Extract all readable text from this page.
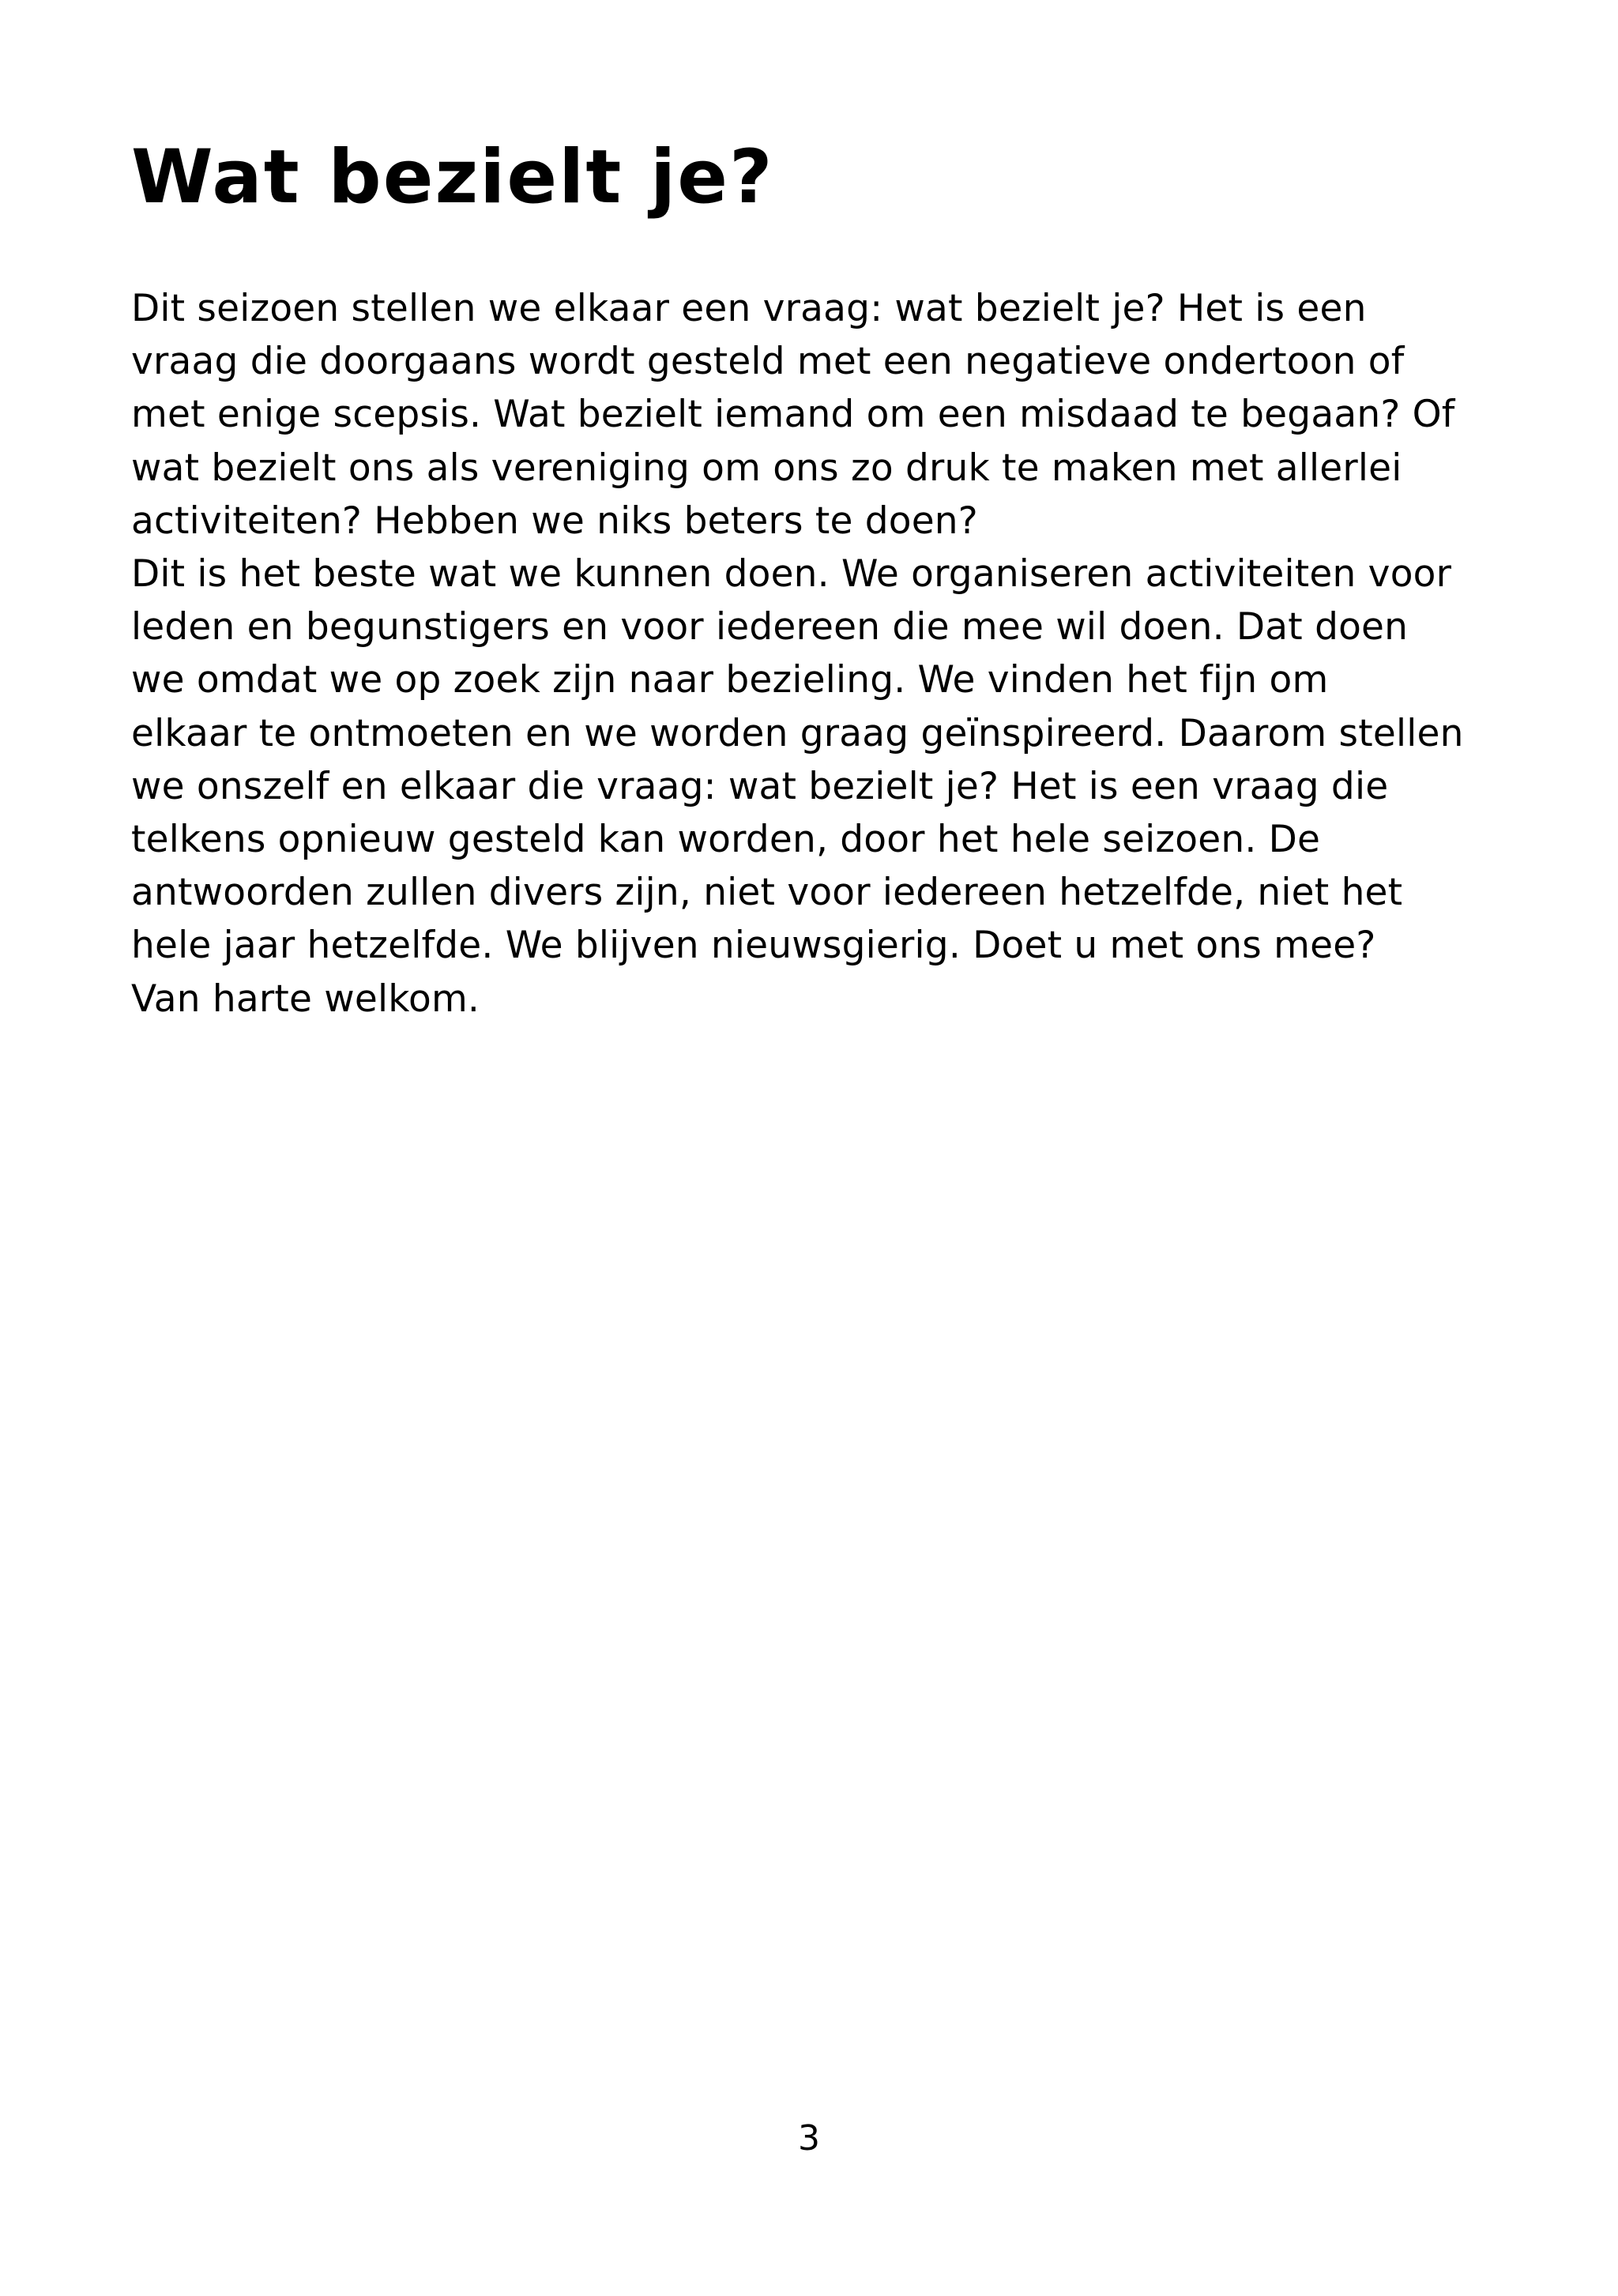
Wat bezielt je?
Dit seizoen stellen we elkaar een vraag: wat bezielt je? Het is een
vraag die doorgaans wordt gesteld met een negatieve ondertoon of
met enige scepsis. Wat bezielt iemand om een misdaad te begaan? Of
wat bezielt ons als vereniging om ons zo druk te maken met allerlei
activiteiten? Hebben we niks beters te doen?
Dit is het beste wat we kunnen doen. We organiseren activiteiten voor
leden en begunstigers en voor iedereen die mee wil doen. Dat doen
we omdat we op zoek zijn naar bezieling. We vinden het fijn om
elkaar te ontmoeten en we worden graag geïnspireerd. Daarom stellen
we onszelf en elkaar die vraag: wat bezielt je? Het is een vraag die
telkens opnieuw gesteld kan worden, door het hele seizoen. De
antwoorden zullen divers zijn, niet voor iedereen hetzelfde, niet het
hele jaar hetzelfde. We blijven nieuwsgierig. Doet u met ons mee?
Van harte welkom.
3
